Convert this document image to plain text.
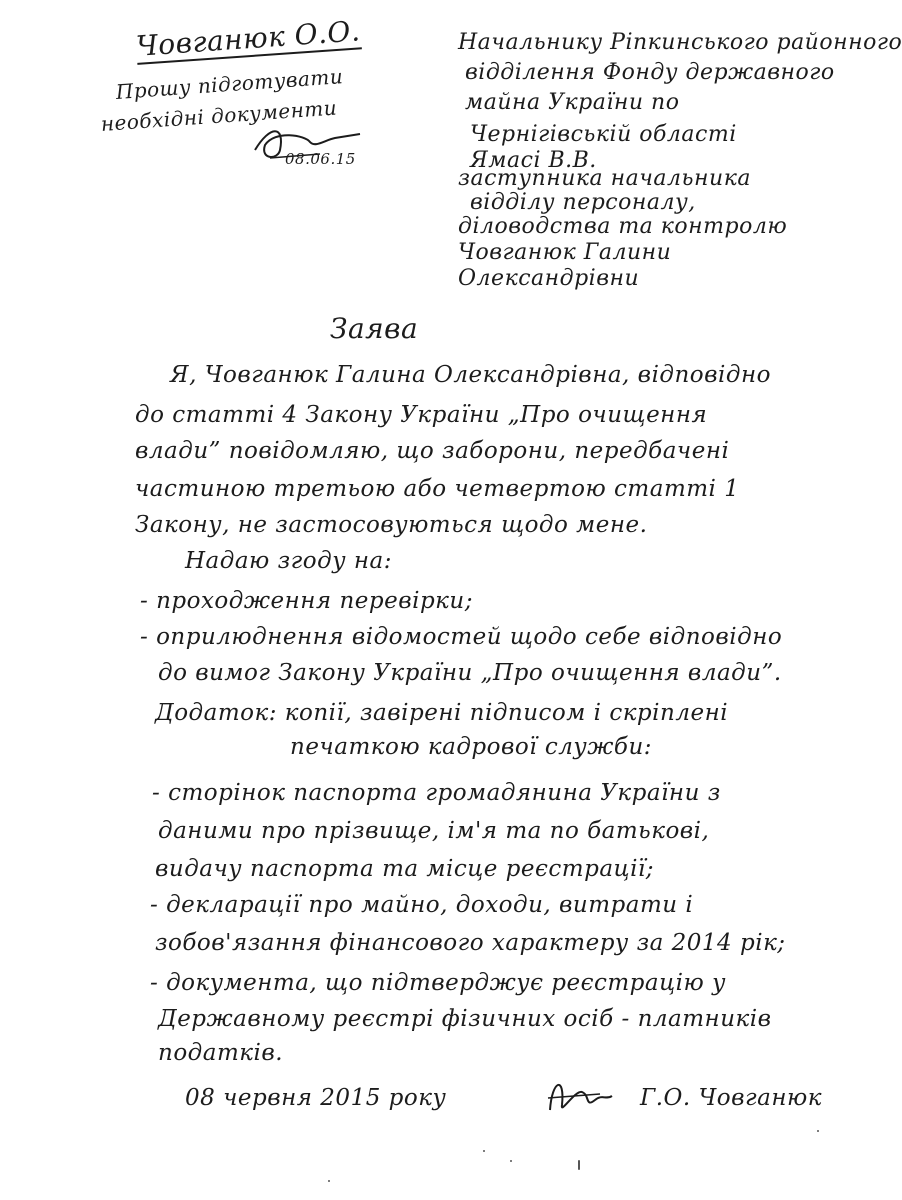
Човганюк О.О.
Прошу підготувати
необхідні документи
08.06.15
Начальнику Ріпкинського районного
відділення Фонду державного
майна України по
Чернігівській області
Ямасі В.В.
заступника начальника
відділу персоналу,
діловодства та контролю
Човганюк Галини
Олександрівни
Заява
Я, Човганюк Галина Олександрівна, відповідно
до статті 4 Закону України „Про очищення
влади” повідомляю, що заборони, передбачені
частиною третьою або четвертою статті 1
Закону, не застосовуються щодо мене.
Надаю згоду на:
- проходження перевірки;
- оприлюднення відомостей щодо себе відповідно
до вимог Закону України „Про очищення влади”.
Додаток: копії, завірені підписом і скріплені
печаткою кадрової служби:
- сторінок паспорта громадянина України з
даними про прізвище, ім'я та по батькові,
видачу паспорта та місце реєстрації;
- декларації про майно, доходи, витрати і
зобов'язання фінансового характеру за 2014 рік;
- документа, що підтверджує реєстрацію у
Державному реєстрі фізичних осіб - платників
податків.
08 червня 2015 року	Г.О. Човганюк
